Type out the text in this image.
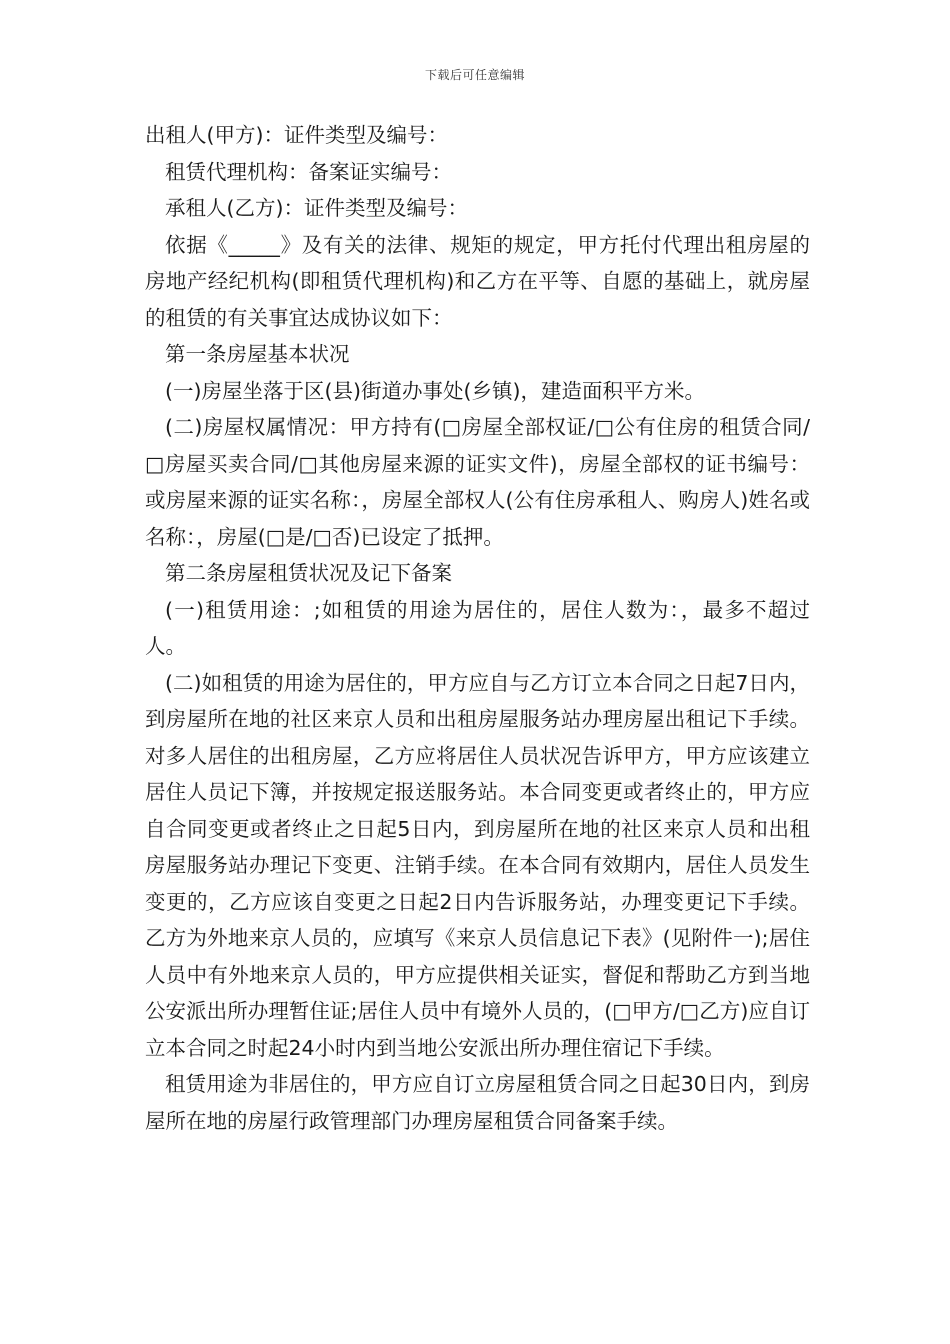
下载后可任意编辑

出租人(甲方)：证件类型及编号：

租赁代理机构：备案证实编号：

承租人(乙方)：证件类型及编号：

依据《_____》及有关的法律、规矩的规定，甲方托付代理出租房屋的房地产经纪机构(即租赁代理机构)和乙方在平等、自愿的基础上，就房屋的租赁的有关事宜达成协议如下：

第一条房屋基本状况

(一)房屋坐落于区(县)街道办事处(乡镇)，建造面积平方米。

(二)房屋权属情况：甲方持有(□房屋全部权证/□公有住房的租赁合同/□房屋买卖合同/□其他房屋来源的证实文件)，房屋全部权的证书编号：或房屋来源的证实名称：，房屋全部权人(公有住房承租人、购房人)姓名或名称：，房屋(□是/□否)已设定了抵押。

第二条房屋租赁状况及记下备案

(一)租赁用途：;如租赁的用途为居住的，居住人数为：，最多不超过人。

(二)如租赁的用途为居住的，甲方应自与乙方订立本合同之日起7日内，到房屋所在地的社区来京人员和出租房屋服务站办理房屋出租记下手续。对多人居住的出租房屋，乙方应将居住人员状况告诉甲方，甲方应该建立居住人员记下簿，并按规定报送服务站。本合同变更或者终止的，甲方应自合同变更或者终止之日起5日内，到房屋所在地的社区来京人员和出租房屋服务站办理记下变更、注销手续。在本合同有效期内，居住人员发生变更的，乙方应该自变更之日起2日内告诉服务站，办理变更记下手续。乙方为外地来京人员的，应填写《来京人员信息记下表》(见附件一);居住人员中有外地来京人员的，甲方应提供相关证实，督促和帮助乙方到当地公安派出所办理暂住证;居住人员中有境外人员的，(□甲方/□乙方)应自订立本合同之时起24小时内到当地公安派出所办理住宿记下手续。

租赁用途为非居住的，甲方应自订立房屋租赁合同之日起30日内，到房屋所在地的房屋行政管理部门办理房屋租赁合同备案手续。
